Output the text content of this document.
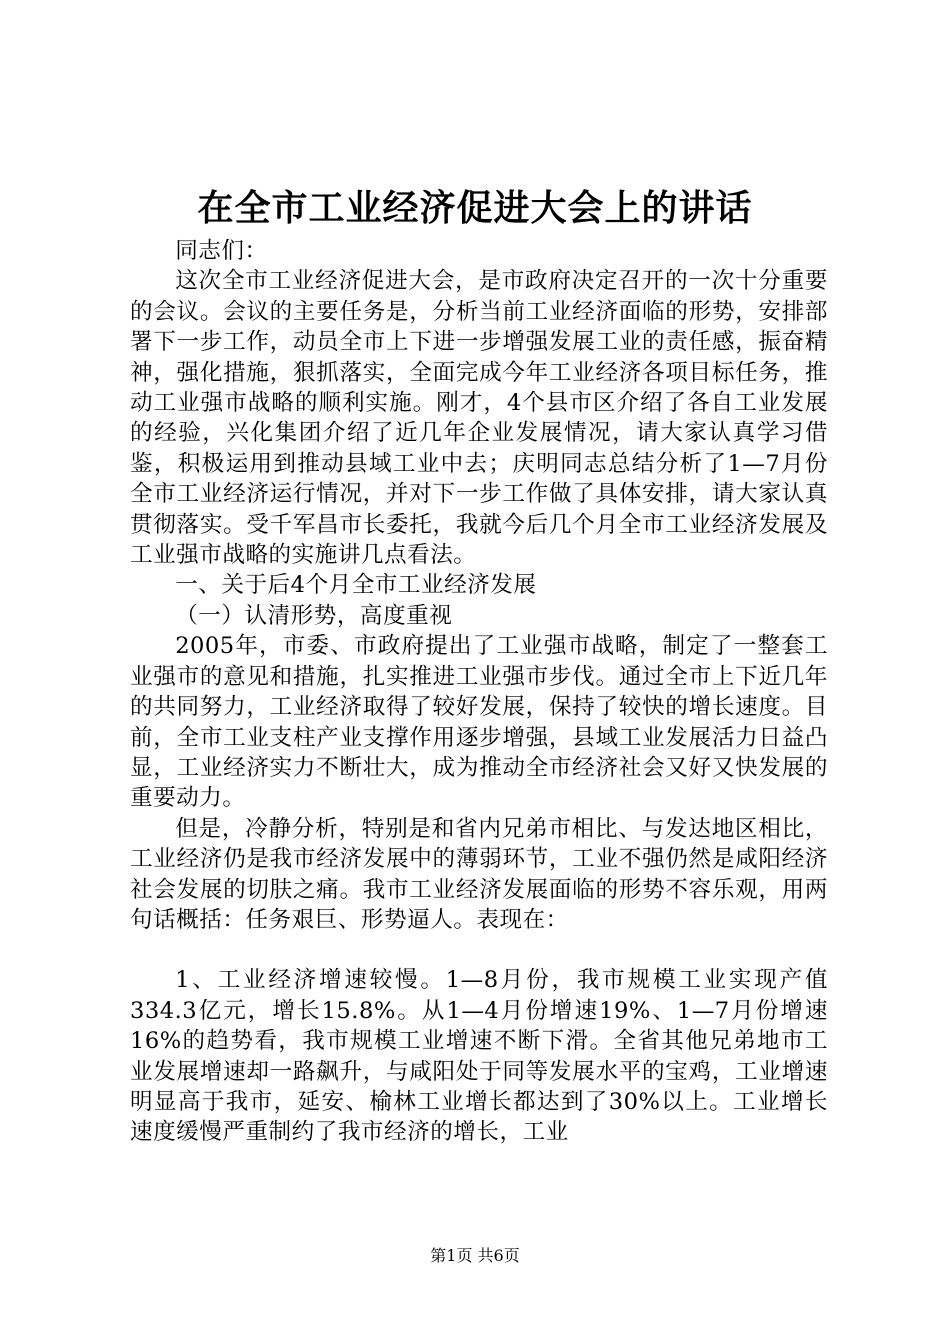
在全市工业经济促进大会上的讲话

同志们：

这次全市工业经济促进大会，是市政府决定召开的一次十分重要的会议。会议的主要任务是，分析当前工业经济面临的形势，安排部署下一步工作，动员全市上下进一步增强发展工业的责任感，振奋精神，强化措施，狠抓落实，全面完成今年工业经济各项目标任务，推动工业强市战略的顺利实施。刚才，4个县市区介绍了各自工业发展的经验，兴化集团介绍了近几年企业发展情况，请大家认真学习借鉴，积极运用到推动县域工业中去；庆明同志总结分析了1—7月份全市工业经济运行情况，并对下一步工作做了具体安排，请大家认真贯彻落实。受千军昌市长委托，我就今后几个月全市工业经济发展及工业强市战略的实施讲几点看法。

一、关于后4个月全市工业经济发展

（一）认清形势，高度重视

2005年，市委、市政府提出了工业强市战略，制定了一整套工业强市的意见和措施，扎实推进工业强市步伐。通过全市上下近几年的共同努力，工业经济取得了较好发展，保持了较快的增长速度。目前，全市工业支柱产业支撑作用逐步增强，县域工业发展活力日益凸显，工业经济实力不断壮大，成为推动全市经济社会又好又快发展的重要动力。

但是，冷静分析，特别是和省内兄弟市相比、与发达地区相比，工业经济仍是我市经济发展中的薄弱环节，工业不强仍然是咸阳经济社会发展的切肤之痛。我市工业经济发展面临的形势不容乐观，用两句话概括：任务艰巨、形势逼人。表现在：

1、工业经济增速较慢。1—8月份，我市规模工业实现产值334.3亿元，增长15.8%。从1—4月份增速19%、1—7月份增速16%的趋势看，我市规模工业增速不断下滑。全省其他兄弟地市工业发展增速却一路飙升，与咸阳处于同等发展水平的宝鸡，工业增速明显高于我市，延安、榆林工业增长都达到了30%以上。工业增长速度缓慢严重制约了我市经济的增长，工业

第1页 共6页
